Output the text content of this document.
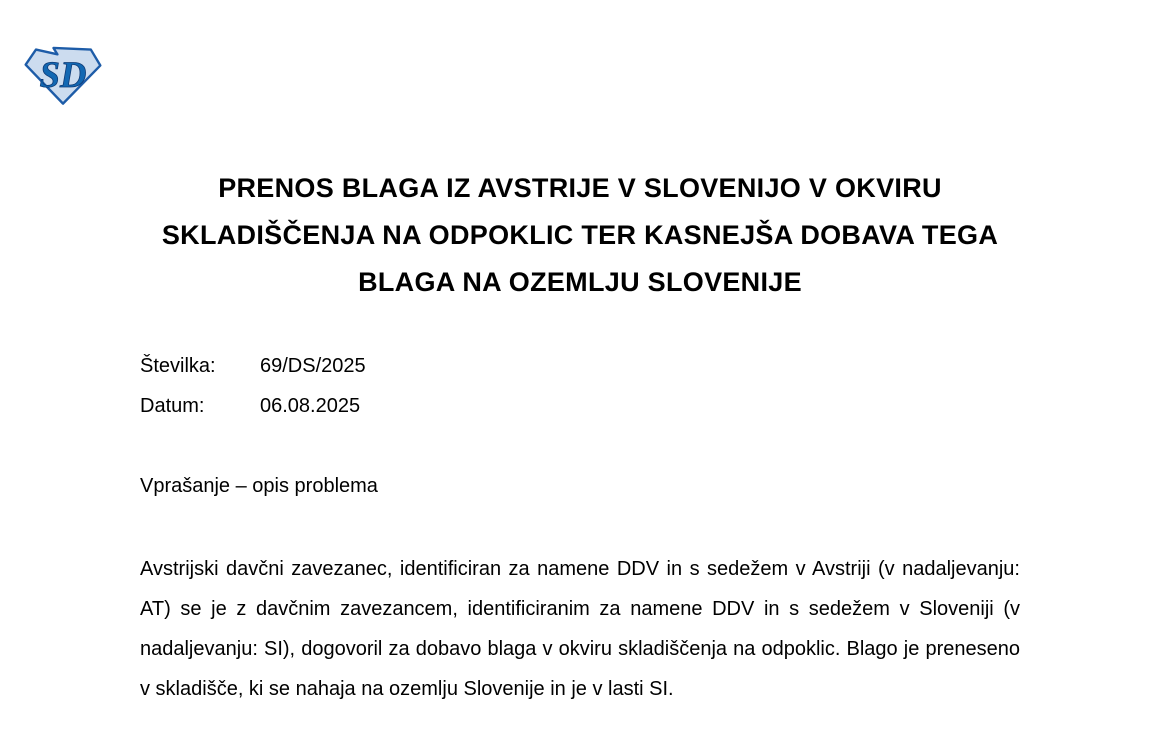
SD
PRENOS BLAGA IZ AVSTRIJE V SLOVENIJO V OKVIRU
SKLADIŠČENJA NA ODPOKLIC TER KASNEJŠA DOBAVA TEGA
BLAGA NA OZEMLJU SLOVENIJE
Številka:	69/DS/2025
Datum:	06.08.2025
Vprašanje – opis problema

Avstrijski davčni zavezanec, identificiran za namene DDV in s sedežem v Avstriji (v nadaljevanju: AT) se je z davčnim zavezancem, identificiranim za namene DDV in s sedežem v Sloveniji (v nadaljevanju: SI), dogovoril za dobavo blaga v okviru skladiščenja na odpoklic. Blago je preneseno v skladišče, ki se nahaja na ozemlju Slovenije in je v lasti SI.
